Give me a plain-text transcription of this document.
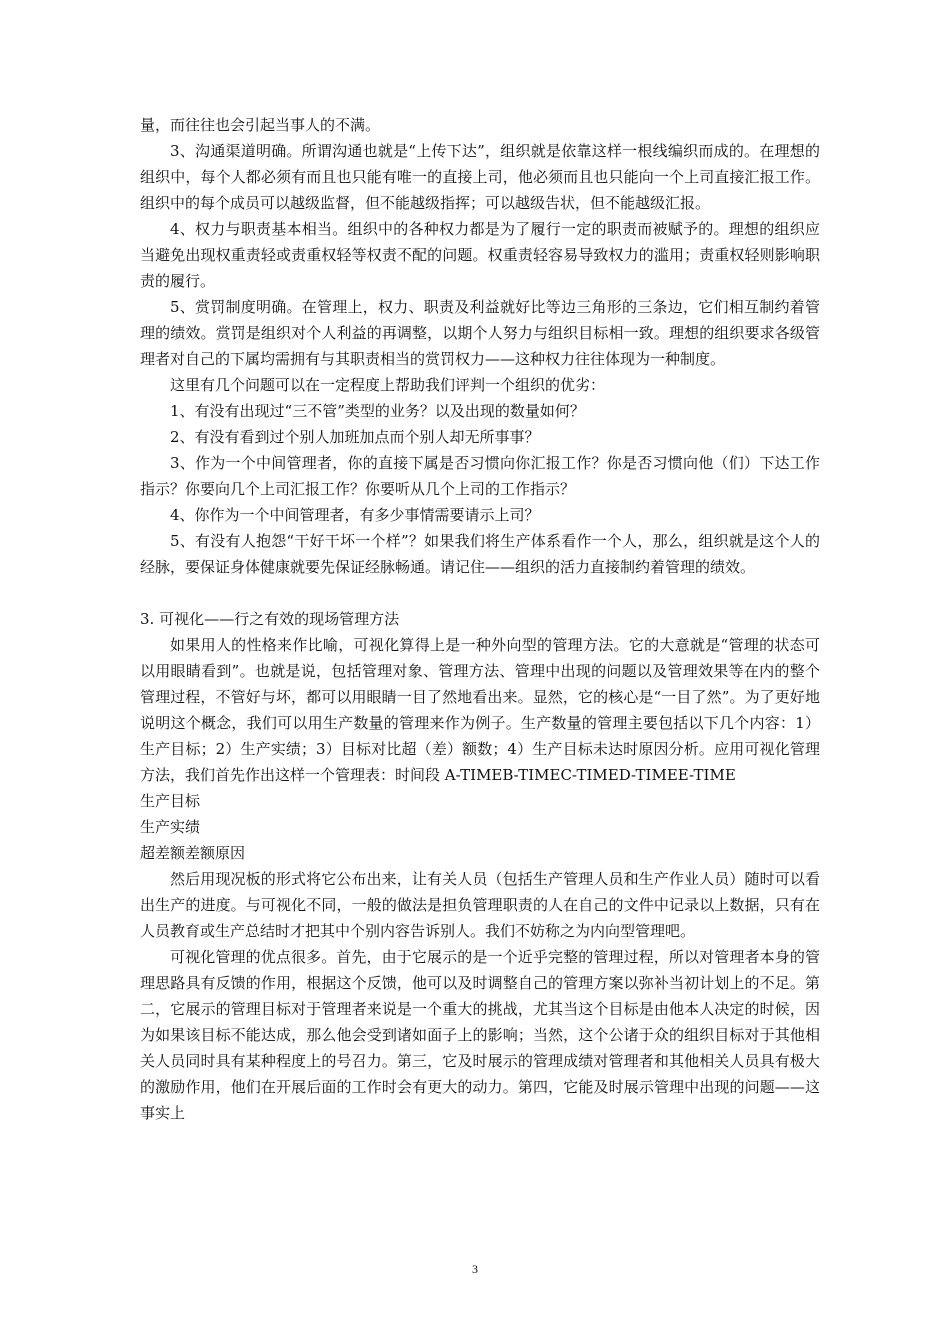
量，而往往也会引起当事人的不满。

3、沟通渠道明确。所谓沟通也就是“上传下达”，组织就是依靠这样一根线编织而成的。在理想的组织中，每个人都必须有而且也只能有唯一的直接上司，他必须而且也只能向一个上司直接汇报工作。组织中的每个成员可以越级监督，但不能越级指挥；可以越级告状，但不能越级汇报。

4、权力与职责基本相当。组织中的各种权力都是为了履行一定的职责而被赋予的。理想的组织应当避免出现权重责轻或责重权轻等权责不配的问题。权重责轻容易导致权力的滥用；责重权轻则影响职责的履行。

5、赏罚制度明确。在管理上，权力、职责及利益就好比等边三角形的三条边，它们相互制约着管理的绩效。赏罚是组织对个人利益的再调整，以期个人努力与组织目标相一致。理想的组织要求各级管理者对自己的下属均需拥有与其职责相当的赏罚权力——这种权力往往体现为一种制度。

这里有几个问题可以在一定程度上帮助我们评判一个组织的优劣：

1、有没有出现过“三不管”类型的业务？以及出现的数量如何？

2、有没有看到过个别人加班加点而个别人却无所事事？

3、作为一个中间管理者，你的直接下属是否习惯向你汇报工作？你是否习惯向他（们）下达工作指示？你要向几个上司汇报工作？你要听从几个上司的工作指示？

4、你作为一个中间管理者，有多少事情需要请示上司？

5、有没有人抱怨“干好干坏一个样”？如果我们将生产体系看作一个人，那么，组织就是这个人的经脉，要保证身体健康就要先保证经脉畅通。请记住——组织的活力直接制约着管理的绩效。

3. 可视化——行之有效的现场管理方法

如果用人的性格来作比喻，可视化算得上是一种外向型的管理方法。它的大意就是“管理的状态可以用眼睛看到”。也就是说，包括管理对象、管理方法、管理中出现的问题以及管理效果等在内的整个管理过程，不管好与坏，都可以用眼睛一目了然地看出来。显然，它的核心是“一目了然”。为了更好地说明这个概念，我们可以用生产数量的管理来作为例子。生产数量的管理主要包括以下几个内容：1）生产目标；2）生产实绩；3）目标对比超（差）额数；4）生产目标未达时原因分析。应用可视化管理方法，我们首先作出这样一个管理表：时间段 A-TIMEB-TIMEC-TIMED-TIMEE-TIME

生产目标

生产实绩

超差额差额原因

然后用现况板的形式将它公布出来，让有关人员（包括生产管理人员和生产作业人员）随时可以看出生产的进度。与可视化不同，一般的做法是担负管理职责的人在自己的文件中记录以上数据，只有在人员教育或生产总结时才把其中个别内容告诉别人。我们不妨称之为内向型管理吧。

可视化管理的优点很多。首先，由于它展示的是一个近乎完整的管理过程，所以对管理者本身的管理思路具有反馈的作用，根据这个反馈，他可以及时调整自己的管理方案以弥补当初计划上的不足。第二，它展示的管理目标对于管理者来说是一个重大的挑战，尤其当这个目标是由他本人决定的时候，因为如果该目标不能达成，那么他会受到诸如面子上的影响；当然，这个公诸于众的组织目标对于其他相关人员同时具有某种程度上的号召力。第三，它及时展示的管理成绩对管理者和其他相关人员具有极大的激励作用，他们在开展后面的工作时会有更大的动力。第四，它能及时展示管理中出现的问题——这事实上

3
